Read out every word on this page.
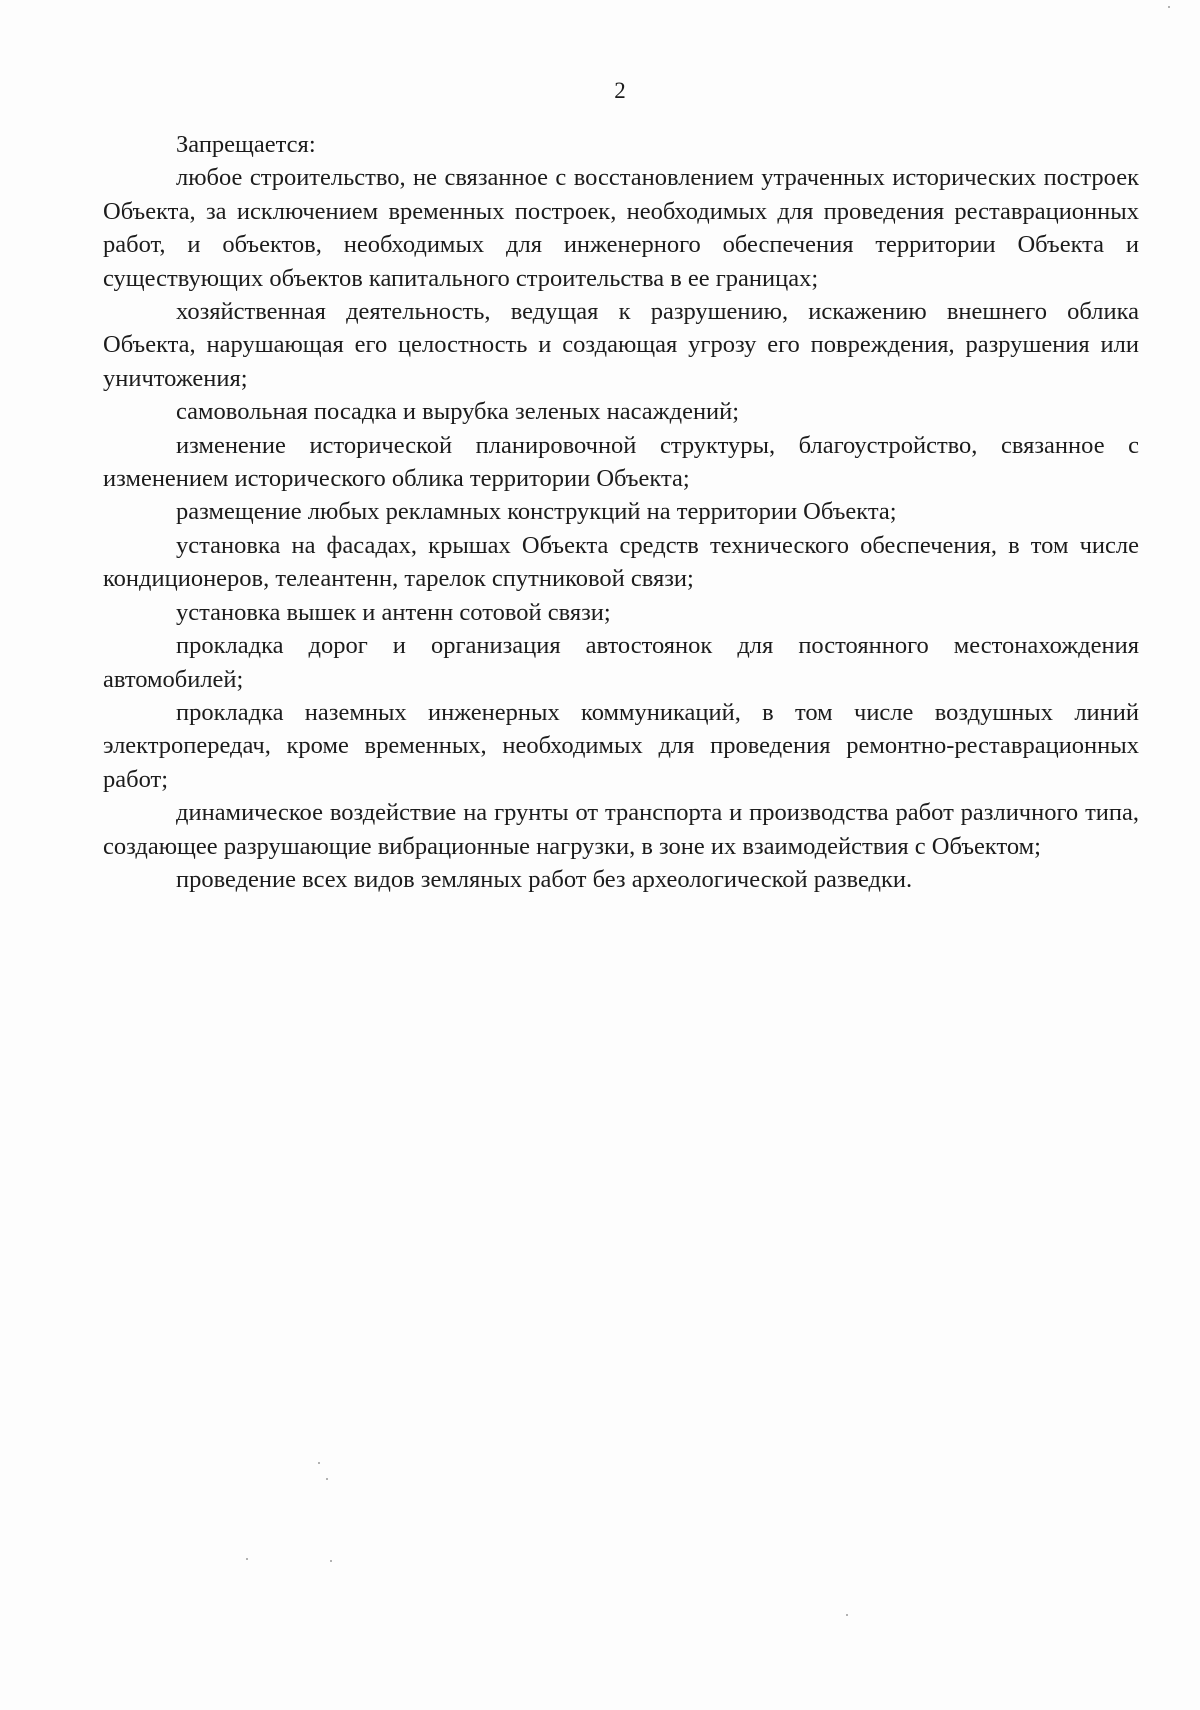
2

Запрещается:

любое строительство, не связанное с восстановлением утраченных исторических построек Объекта, за исключением временных построек, необходимых для проведения реставрационных работ, и объектов, необходимых для инженерного обеспечения территории Объекта и существующих объектов капитального строительства в ее границах;
хозяйственная деятельность, ведущая к разрушению, искажению внешнего облика Объекта, нарушающая его целостность и создающая угрозу его повреждения, разрушения или уничтожения;
самовольная посадка и вырубка зеленых насаждений;
изменение исторической планировочной структуры, благоустройство, связанное с изменением исторического облика территории Объекта;
размещение любых рекламных конструкций на территории Объекта;
установка на фасадах, крышах Объекта средств технического обеспечения, в том числе кондиционеров, телеантенн, тарелок спутниковой связи;
установка вышек и антенн сотовой связи;
прокладка дорог и организация автостоянок для постоянного местонахождения автомобилей;
прокладка наземных инженерных коммуникаций, в том числе воздушных линий электропередач, кроме временных, необходимых для проведения ремонтно-реставрационных работ;
динамическое воздействие на грунты от транспорта и производства работ различного типа, создающее разрушающие вибрационные нагрузки, в зоне их взаимодействия с Объектом;
проведение всех видов земляных работ без археологической разведки.
